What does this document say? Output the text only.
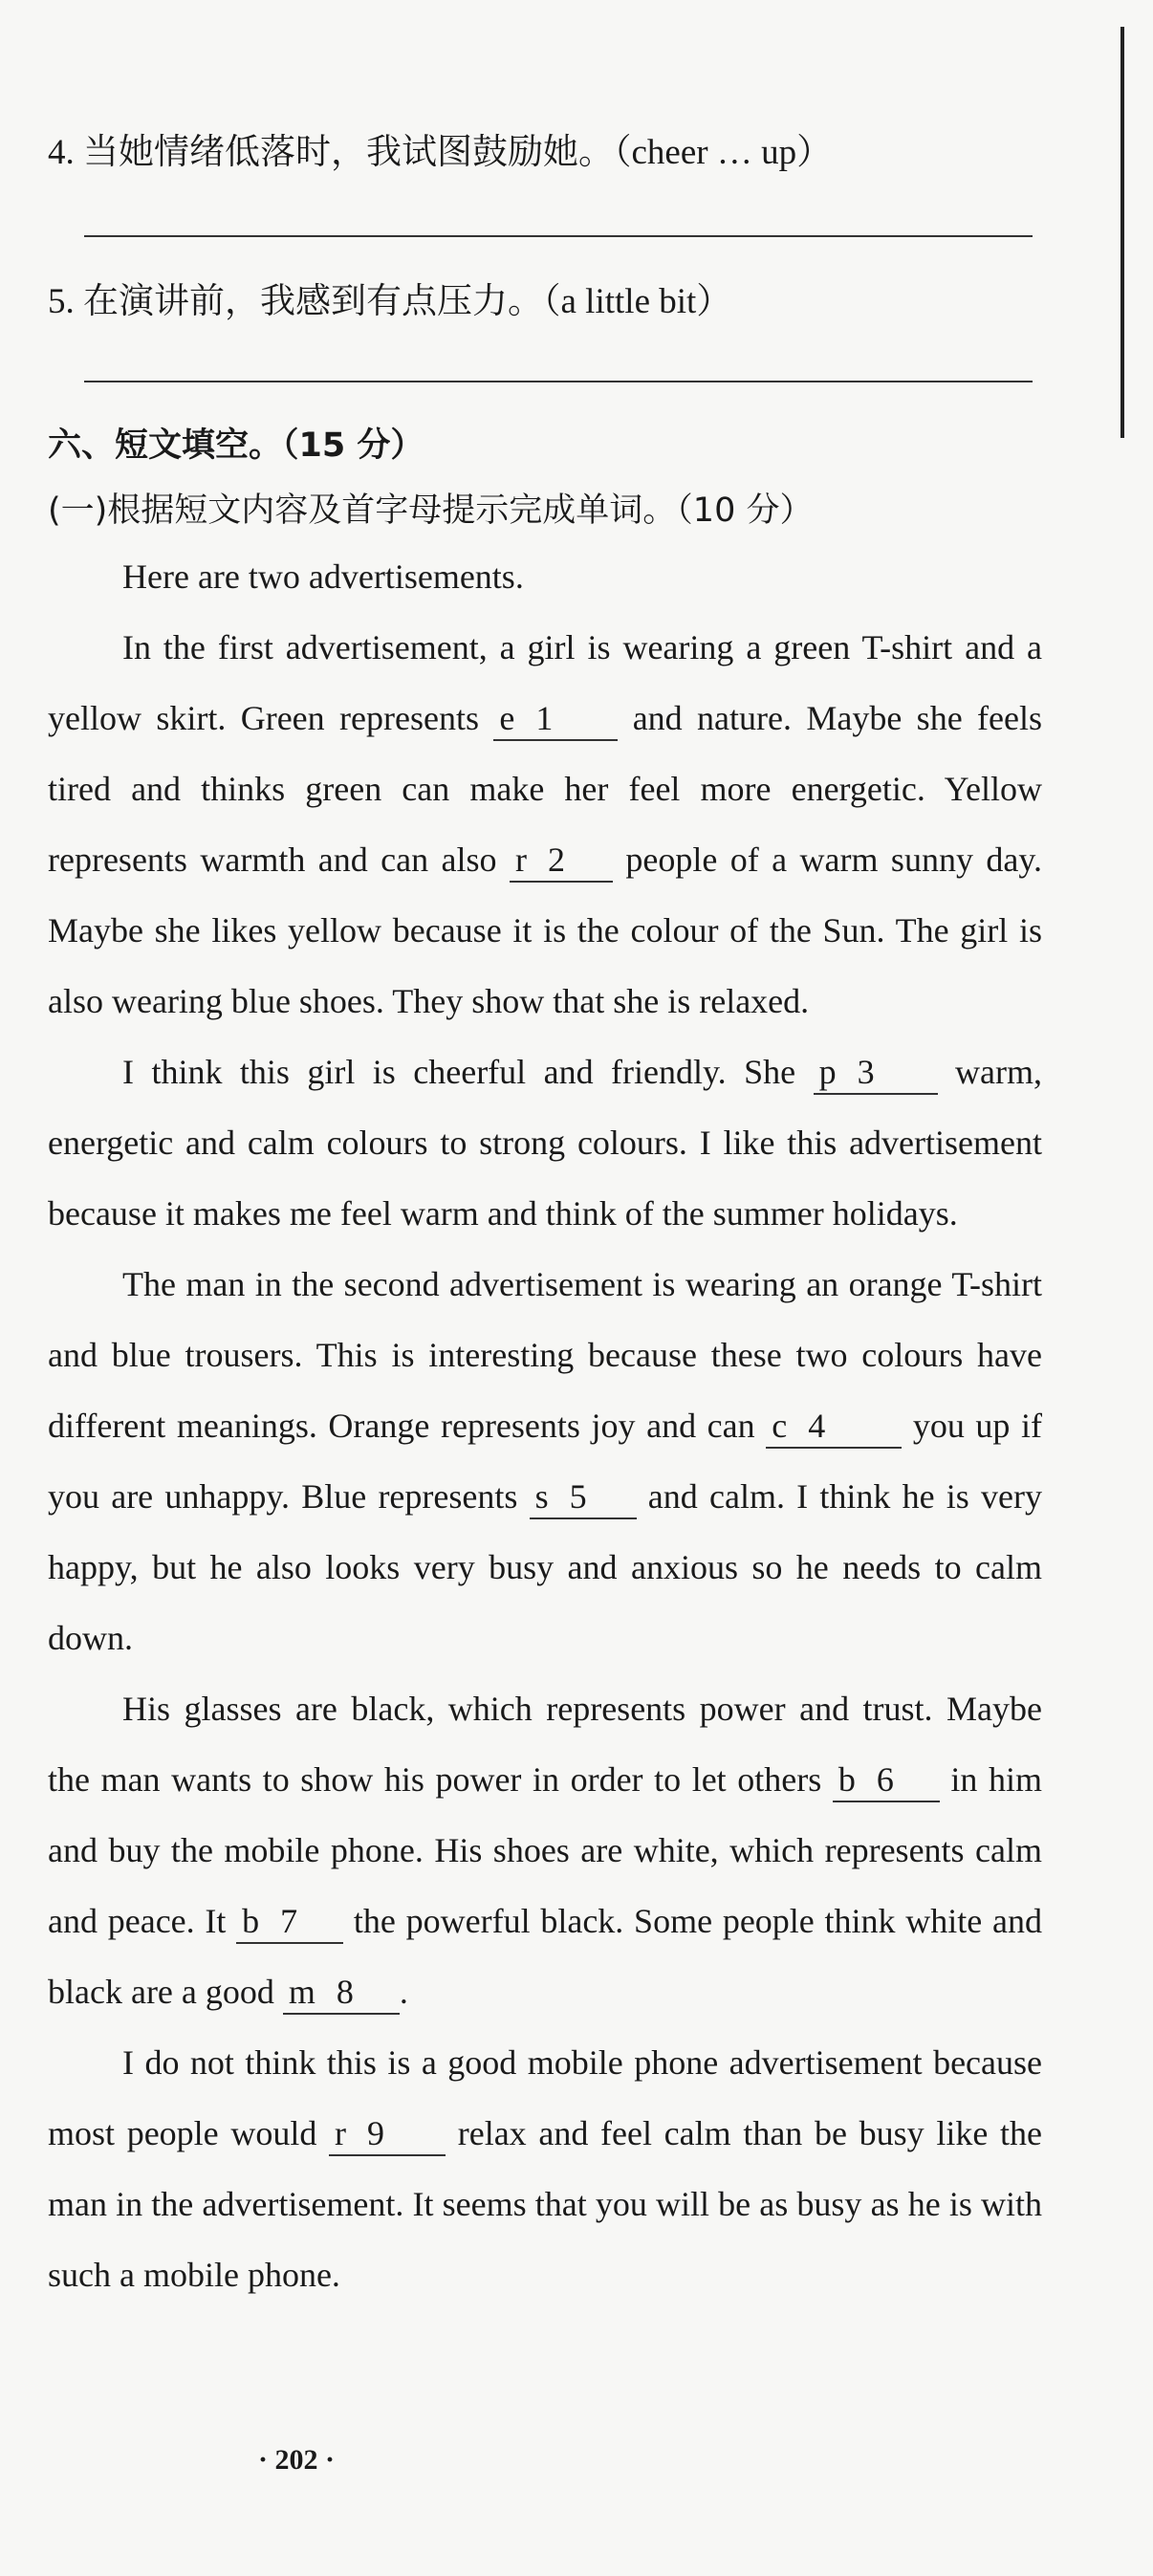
4. 当她情绪低落时，我试图鼓励她。（cheer … up）
5. 在演讲前，我感到有点压力。（a little bit）
六、短文填空。（15 分）
(一)根据短文内容及首字母提示完成单词。（10 分）

Here are two advertisements.

In the first advertisement, a girl is wearing a green T-shirt and a yellow skirt. Green represents e 1 and nature. Maybe she feels tired and thinks green can make her feel more energetic. Yellow represents warmth and can also r 2 people of a warm sunny day. Maybe she likes yellow because it is the colour of the Sun. The girl is also wearing blue shoes. They show that she is relaxed.

I think this girl is cheerful and friendly. She p 3 warm, energetic and calm colours to strong colours. I like this advertisement because it makes me feel warm and think of the summer holidays.

The man in the second advertisement is wearing an orange T-shirt and blue trousers. This is interesting because these two colours have different meanings. Orange represents joy and can c 4 you up if you are unhappy. Blue represents s 5 and calm. I think he is very happy, but he also looks very busy and anxious so he needs to calm down.

His glasses are black, which represents power and trust. Maybe the man wants to show his power in order to let others b 6 in him and buy the mobile phone. His shoes are white, which represents calm and peace. It b 7 the powerful black. Some people think white and black are a good m 8 .

I do not think this is a good mobile phone advertisement because most people would r 9 relax and feel calm than be busy like the man in the advertisement. It seems that you will be as busy as he is with such a mobile phone.

· 202 ·
